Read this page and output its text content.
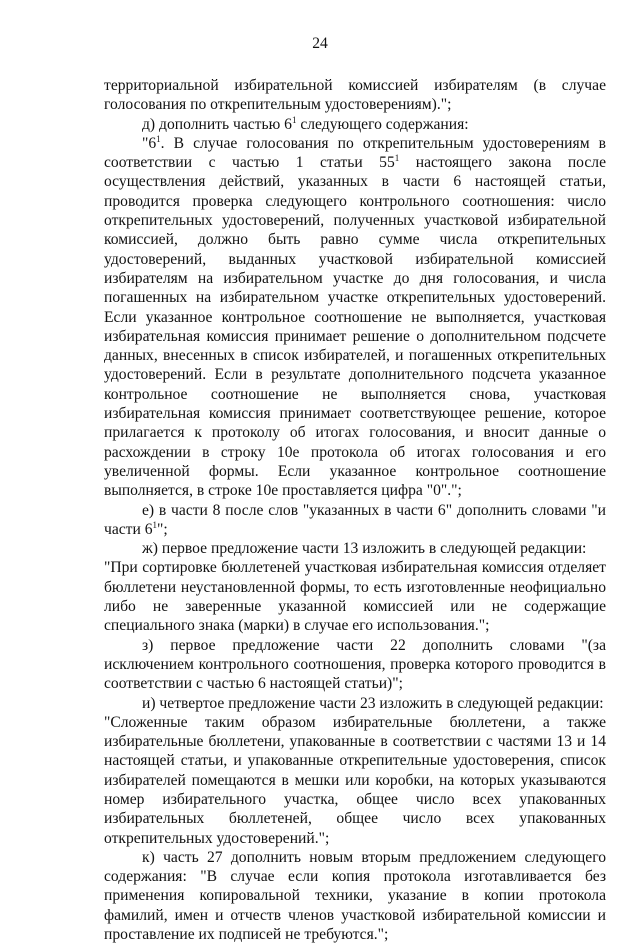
24

территориальной избирательной комиссией избирателям (в случае голосования по открепительным удостоверениям).";

д) дополнить частью $6^1$ следующего содержания:

"$6^1$. В случае голосования по открепительным удостоверениям в соответствии с частью 1 статьи $55^1$ настоящего закона после осуществления действий, указанных в части 6 настоящей статьи, проводится проверка следующего контрольного соотношения: число открепительных удостоверений, полученных участковой избирательной комиссией, должно быть равно сумме числа открепительных удостоверений, выданных участковой избирательной комиссией избирателям на избирательном участке до дня голосования, и числа погашенных на избирательном участке открепительных удостоверений. Если указанное контрольное соотношение не выполняется, участковая избирательная комиссия принимает решение о дополнительном подсчете данных, внесенных в список избирателей, и погашенных открепительных удостоверений. Если в результате дополнительного подсчета указанное контрольное соотношение не выполняется снова, участковая избирательная комиссия принимает соответствующее решение, которое прилагается к протоколу об итогах голосования, и вносит данные о расхождении в строку 10е протокола об итогах голосования и его увеличенной формы. Если указанное контрольное соотношение выполняется, в строке 10е проставляется цифра "0".";

е) в части 8 после слов "указанных в части 6" дополнить словами "и части $6^1$";

ж) первое предложение части 13 изложить в следующей редакции:

"При сортировке бюллетеней участковая избирательная комиссия отделяет бюллетени неустановленной формы, то есть изготовленные неофициально либо не заверенные указанной комиссией или не содержащие специального знака (марки) в случае его использования.";

з) первое предложение части 22 дополнить словами "(за исключением контрольного соотношения, проверка которого проводится в соответствии с частью 6 настоящей статьи)";

и) четвертое предложение части 23 изложить в следующей редакции:

"Сложенные таким образом избирательные бюллетени, а также избирательные бюллетени, упакованные в соответствии с частями 13 и 14 настоящей статьи, и упакованные открепительные удостоверения, список избирателей помещаются в мешки или коробки, на которых указываются номер избирательного участка, общее число всех упакованных избирательных бюллетеней, общее число всех упакованных открепительных удостоверений.";

к) часть 27 дополнить новым вторым предложением следующего содержания: "В случае если копия протокола изготавливается без применения копировальной техники, указание в копии протокола фамилий, имен и отчеств членов участковой избирательной комиссии и проставление их подписей не требуются.";
